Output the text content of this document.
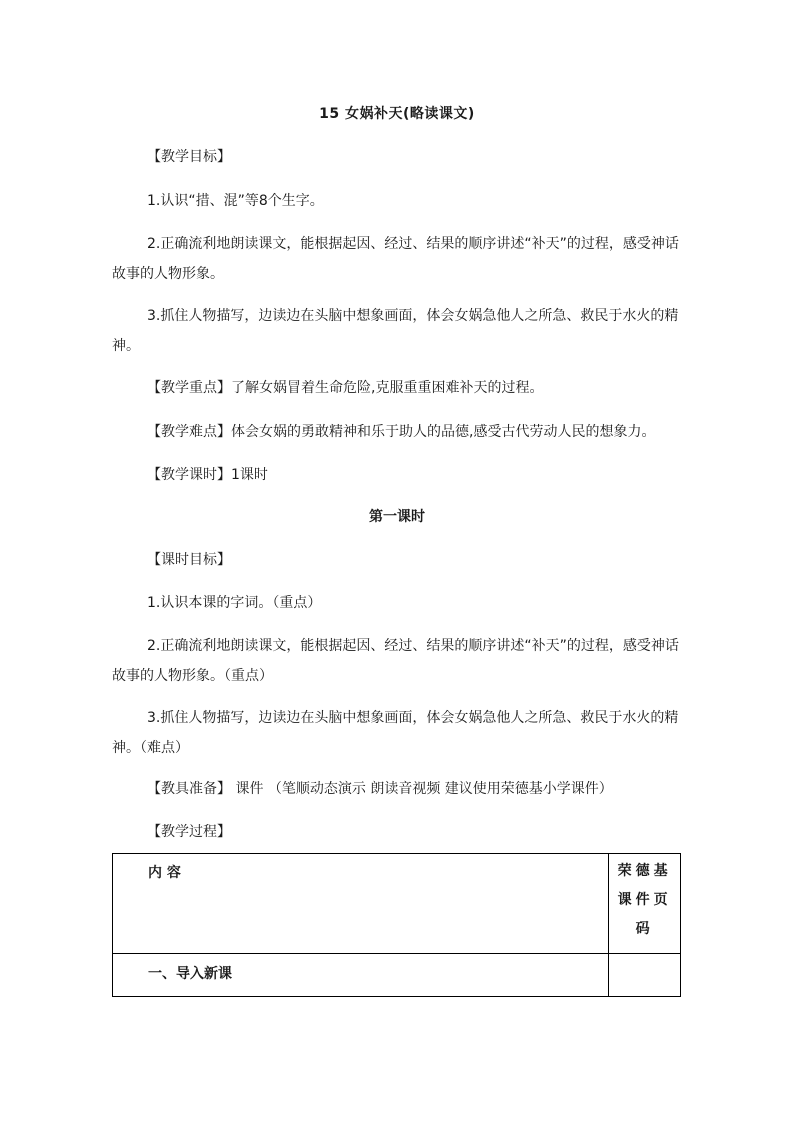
15 女娲补天(略读课文)

【教学目标】

1.认识“措、混”等8个生字。

2.正确流利地朗读课文，能根据起因、经过、结果的顺序讲述“补天”的过程，感受神话故事的人物形象。

3.抓住人物描写，边读边在头脑中想象画面，体会女娲急他人之所急、救民于水火的精神。

【教学重点】了解女娲冒着生命危险,克服重重困难补天的过程。

【教学难点】体会女娲的勇敢精神和乐于助人的品德,感受古代劳动人民的想象力。

【教学课时】1课时

第一课时

【课时目标】

1.认识本课的字词。（重点）

2.正确流利地朗读课文，能根据起因、经过、结果的顺序讲述“补天”的过程，感受神话故事的人物形象。（重点）

3.抓住人物描写，边读边在头脑中想象画面，体会女娲急他人之所急、救民于水火的精神。（难点）

【教具准备】 课件 （笔顺动态演示 朗读音视频 建议使用荣德基小学课件）

【教学过程】

内 容	荣德基课件页码
一、导入新课	
